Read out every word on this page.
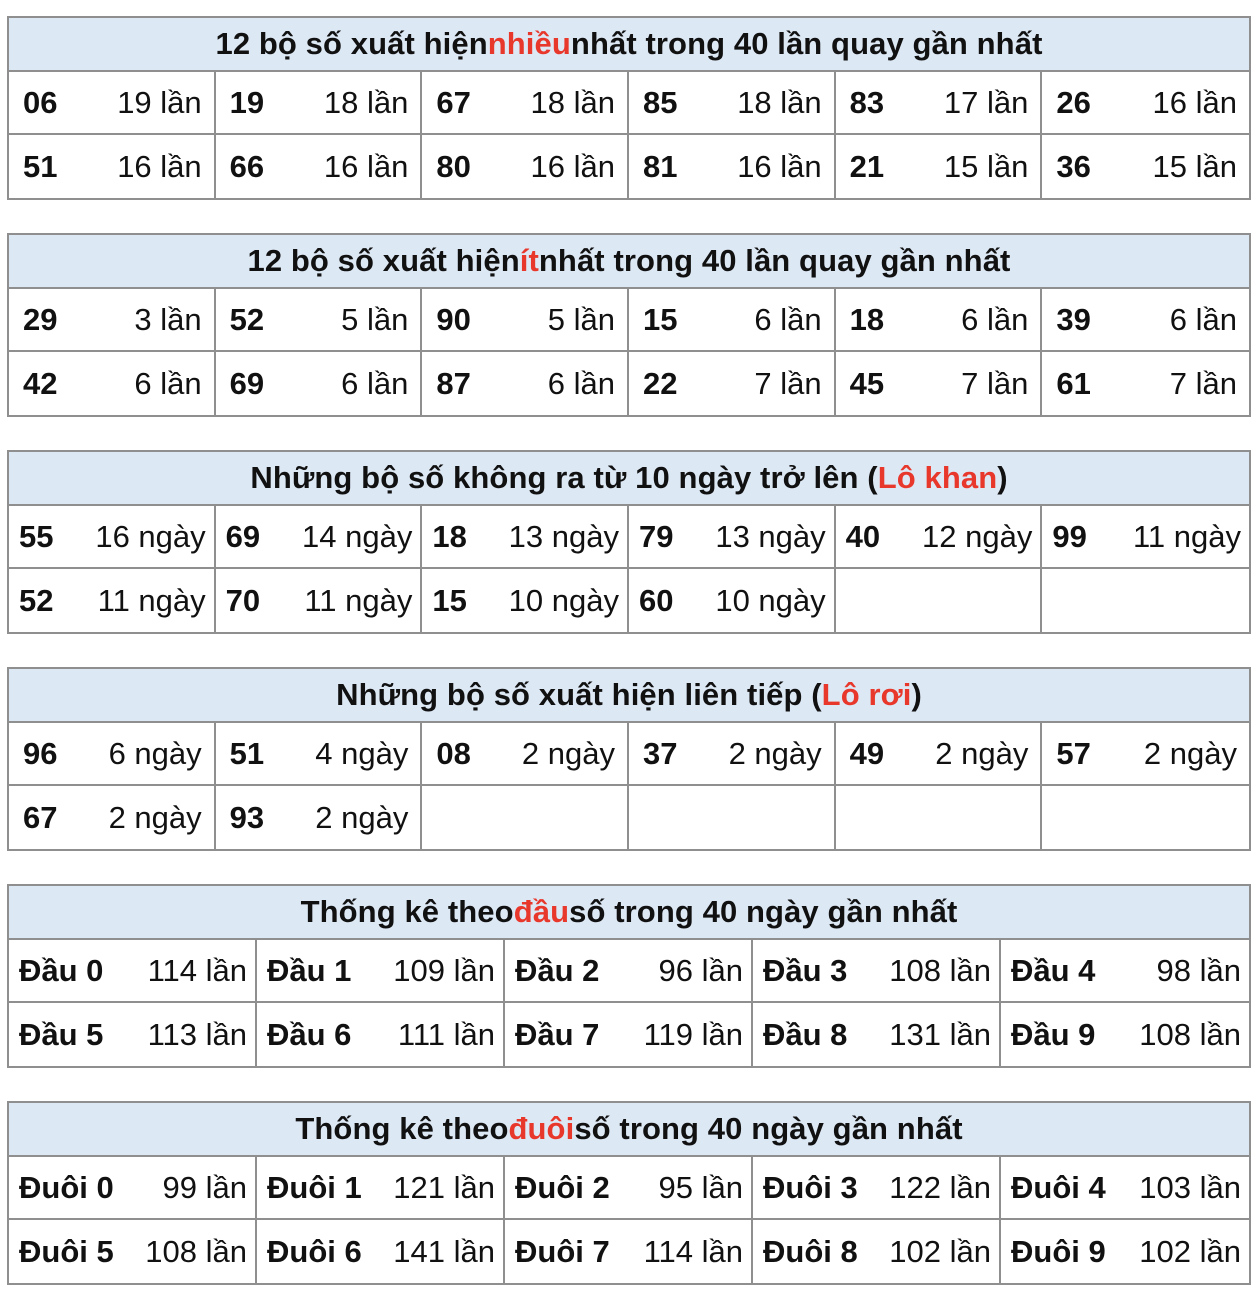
12 bộ số xuất hiện nhiều nhất trong 40 lần quay gần nhất
06 19 lần 19 18 lần 67 18 lần 85 18 lần 83 17 lần 26 16 lần
51 16 lần 66 16 lần 80 16 lần 81 16 lần 21 15 lần 36 15 lần
12 bộ số xuất hiện ít nhất trong 40 lần quay gần nhất
29 3 lần 52 5 lần 90 5 lần 15 6 lần 18 6 lần 39	6 lần
42 6 lần 69 6 lần 87 6 lần 22 7 lần 45 7 lần 61	7 lần
Những bộ số không ra từ 10 ngày trở lên ( Lô khan )
55 16 ngày 69 14 ngày 18 13 ngày 79 13 ngày 40 12 ngày 99 11 ngày
52 11 ngày 70 11 ngày 15 10 ngày 60 10 ngày
Những bộ số xuất hiện liên tiếp ( Lô rơi )
96 6 ngày 51 4 ngày 08 2 ngày 37 2 ngày 49 2 ngày 57 2 ngày
67 2 ngày 93 2 ngày
Thống kê theo đầu số trong 40 ngày gần nhất
Đầu 0 114 lần Đầu 1 109 lần Đầu 2 96 lần Đầu 3 108 lần Đầu 4 98 lần
Đầu 5 113 lần Đầu 6 111 lần Đầu 7 119 lần Đầu 8 131 lần Đầu 9 108 lần
Thống kê theo đuôi số trong 40 ngày gần nhất
Đuôi 0 99 lần Đuôi 1 121 lần Đuôi 2 95 lần Đuôi 3 122 lần Đuôi 4 103 lần
Đuôi 5 108 lần Đuôi 6 141 lần Đuôi 7 114 lần Đuôi 8 102 lần Đuôi 9 102 lần
